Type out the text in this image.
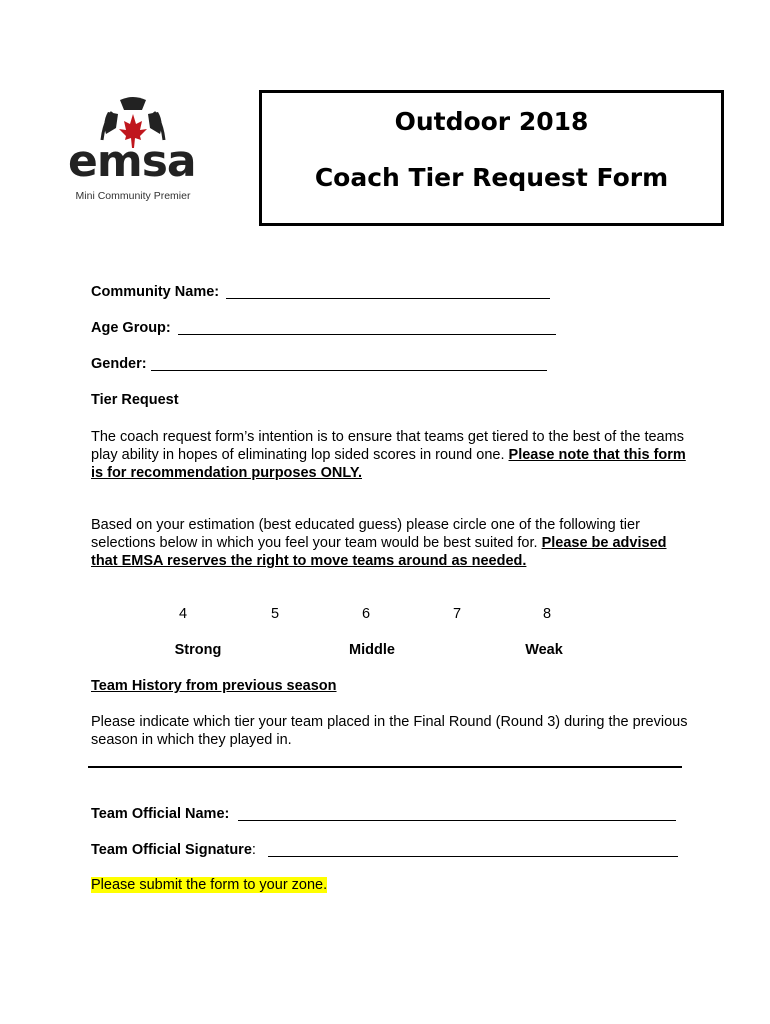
emsa
Mini Community Premier
Outdoor 2018
Coach Tier Request Form
Community Name:
Age Group:
Gender:
Tier Request
The coach request form’s intention is to ensure that teams get tiered to the best of the teams play ability in hopes of eliminating lop sided scores in round one. Please note that this form is for recommendation purposes ONLY.
Based on your estimation (best educated guess) please circle one of the following tier selections below in which you feel your team would be best suited for. Please be advised that EMSA reserves the right to move teams around as needed.
4	5	6	7	8
Strong	Middle	Weak
Team History from previous season
Please indicate which tier your team placed in the Final Round (Round 3) during the previous season in which they played in.
Team Official Name:
Team Official Signature:
Please submit the form to your zone.
